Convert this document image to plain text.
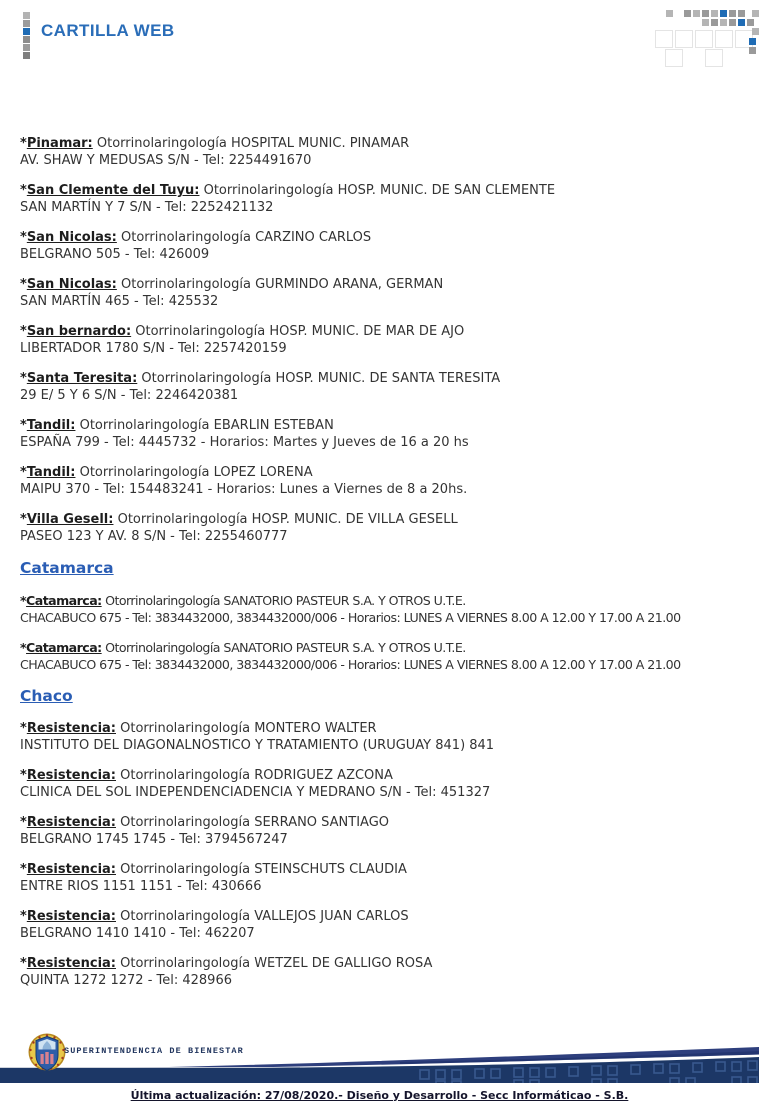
CARTILLA WEB
*Pinamar: Otorrinolaringología HOSPITAL MUNIC. PINAMAR
AV. SHAW Y MEDUSAS S/N - Tel: 2254491670
*San Clemente del Tuyu: Otorrinolaringología HOSP. MUNIC. DE SAN CLEMENTE
SAN MARTÍN Y 7 S/N - Tel: 2252421132
*San Nicolas: Otorrinolaringología CARZINO CARLOS
BELGRANO 505 - Tel: 426009
*San Nicolas: Otorrinolaringología GURMINDO ARANA, GERMAN
SAN MARTÍN 465 - Tel: 425532
*San bernardo: Otorrinolaringología HOSP. MUNIC. DE MAR DE AJO
LIBERTADOR 1780 S/N - Tel: 2257420159
*Santa Teresita: Otorrinolaringología HOSP. MUNIC. DE SANTA TERESITA
29 E/ 5 Y 6 S/N - Tel: 2246420381
*Tandil: Otorrinolaringología EBARLIN ESTEBAN
ESPAÑA 799 - Tel: 4445732 - Horarios: Martes y Jueves de 16 a 20 hs
*Tandil: Otorrinolaringología LOPEZ LORENA
MAIPU 370 - Tel: 154483241 - Horarios: Lunes a Viernes de 8 a 20hs.
*Villa Gesell: Otorrinolaringología HOSP. MUNIC. DE VILLA GESELL
PASEO 123 Y AV. 8 S/N - Tel: 2255460777
Catamarca
*Catamarca: Otorrinolaringología SANATORIO PASTEUR S.A. Y OTROS U.T.E.
CHACABUCO 675 - Tel: 3834432000, 3834432000/006 - Horarios: LUNES A VIERNES 8.00 A 12.00 Y 17.00 A 21.00
*Catamarca: Otorrinolaringología SANATORIO PASTEUR S.A. Y OTROS U.T.E.
CHACABUCO 675 - Tel: 3834432000, 3834432000/006 - Horarios: LUNES A VIERNES 8.00 A 12.00 Y 17.00 A 21.00
Chaco
*Resistencia: Otorrinolaringología MONTERO WALTER
INSTITUTO DEL DIAGONALNOSTICO Y TRATAMIENTO (URUGUAY 841) 841
*Resistencia: Otorrinolaringología RODRIGUEZ AZCONA
CLINICA DEL SOL INDEPENDENCIADENCIA Y MEDRANO S/N - Tel: 451327
*Resistencia: Otorrinolaringología SERRANO SANTIAGO
BELGRANO 1745 1745 - Tel: 3794567247
*Resistencia: Otorrinolaringología STEINSCHUTS CLAUDIA
ENTRE RIOS 1151 1151 - Tel: 430666
*Resistencia: Otorrinolaringología VALLEJOS JUAN CARLOS
BELGRANO 1410 1410 - Tel: 462207
*Resistencia: Otorrinolaringología WETZEL DE GALLIGO ROSA
QUINTA 1272 1272 - Tel: 428966
SUPERINTENDENCIA DE BIENESTAR
Última actualización: 27/08/2020.- Diseño y Desarrollo - Secc Informáticao - S.B.
